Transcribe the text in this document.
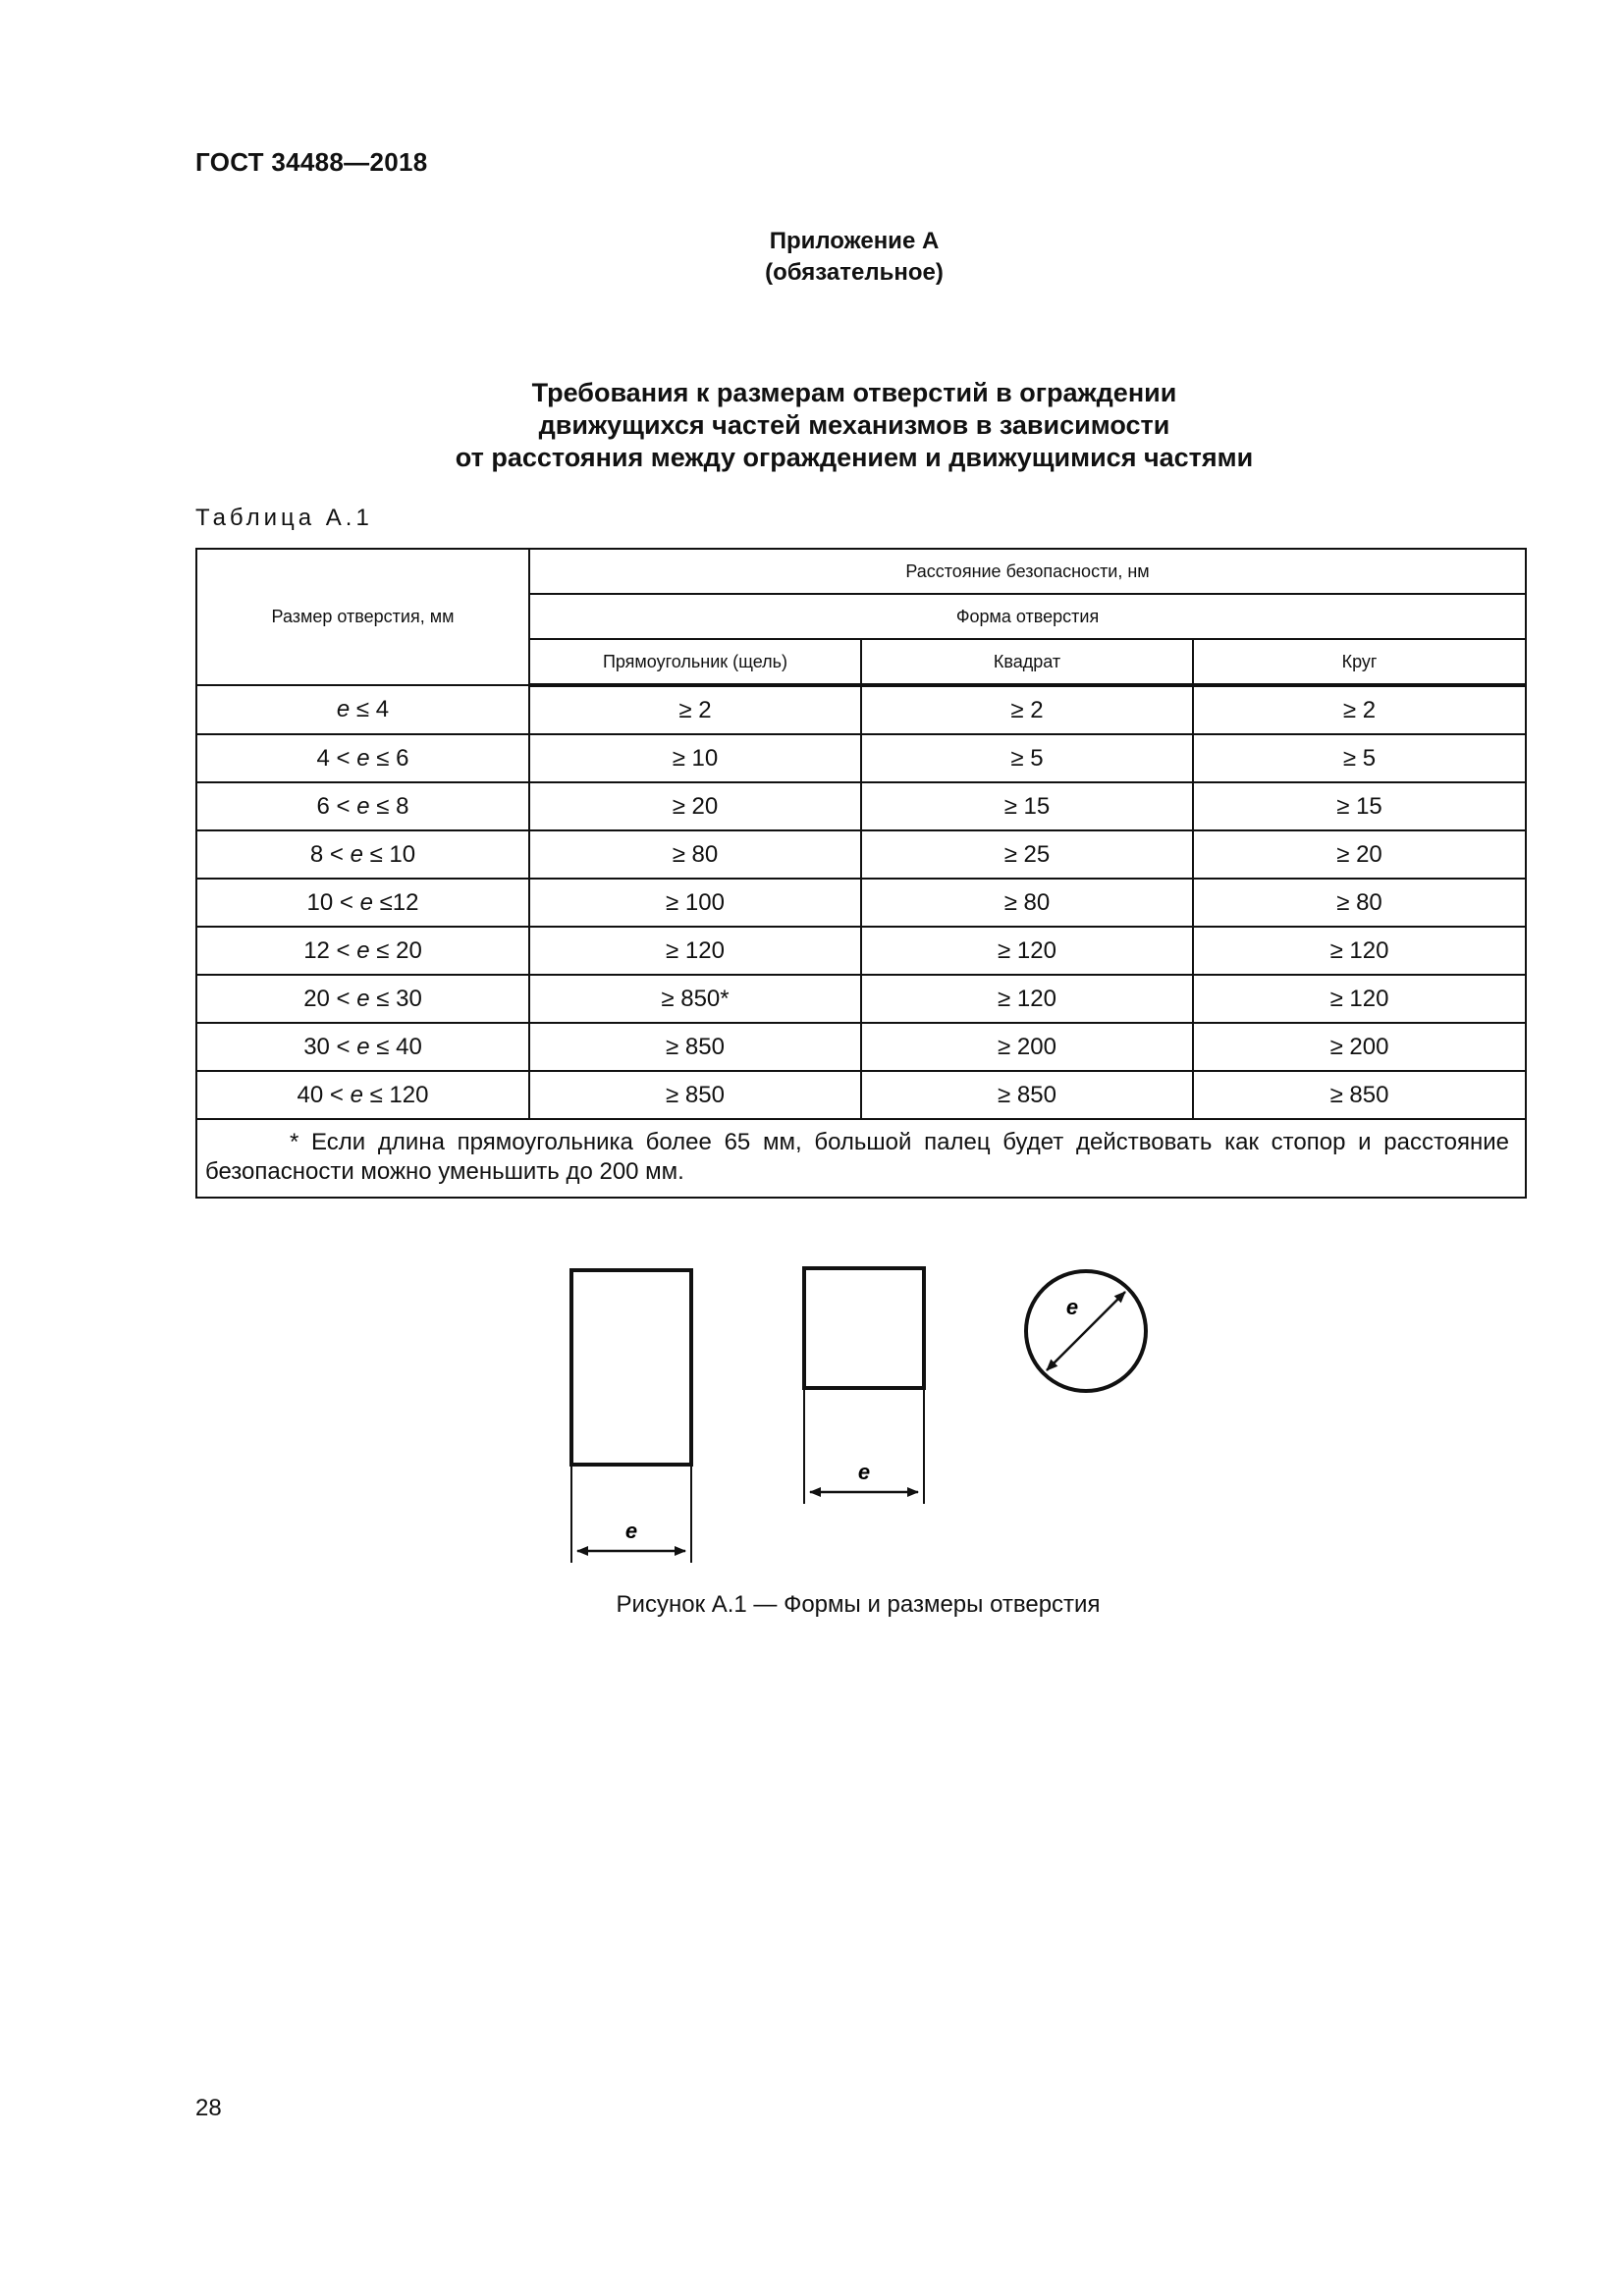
ГОСТ 34488—2018
Приложение А
(обязательное)
Требования к размерам отверстий в ограждении
движущихся частей механизмов в зависимости
от расстояния между ограждением и движущимися частями
Таблица А.1
Размер отверстия, мм	Расстояние безопасности, нм		
	Форма отверстия		
	Прямоугольник (щель)	Квадрат	Круг
e ≤ 4	≥ 2	≥ 2	≥ 2
4 < e ≤ 6	≥ 10	≥ 5	≥ 5
6 < e ≤ 8	≥ 20	≥ 15	≥ 15
8 < e ≤ 10	≥ 80	≥ 25	≥ 20
10 < e ≤12	≥ 100	≥ 80	≥ 80
12 < e ≤ 20	≥ 120	≥ 120	≥ 120
20 < e ≤ 30	≥ 850*	≥ 120	≥ 120
30 < e ≤ 40	≥ 850	≥ 200	≥ 200
40 < e ≤ 120	≥ 850	≥ 850	≥ 850
* Если длина прямоугольника более 65 мм, большой палец будет действовать как стопор и расстояние безопасности можно уменьшить до 200 мм.			
e
e
e
Рисунок А.1 — Формы и размеры отверстия
28
